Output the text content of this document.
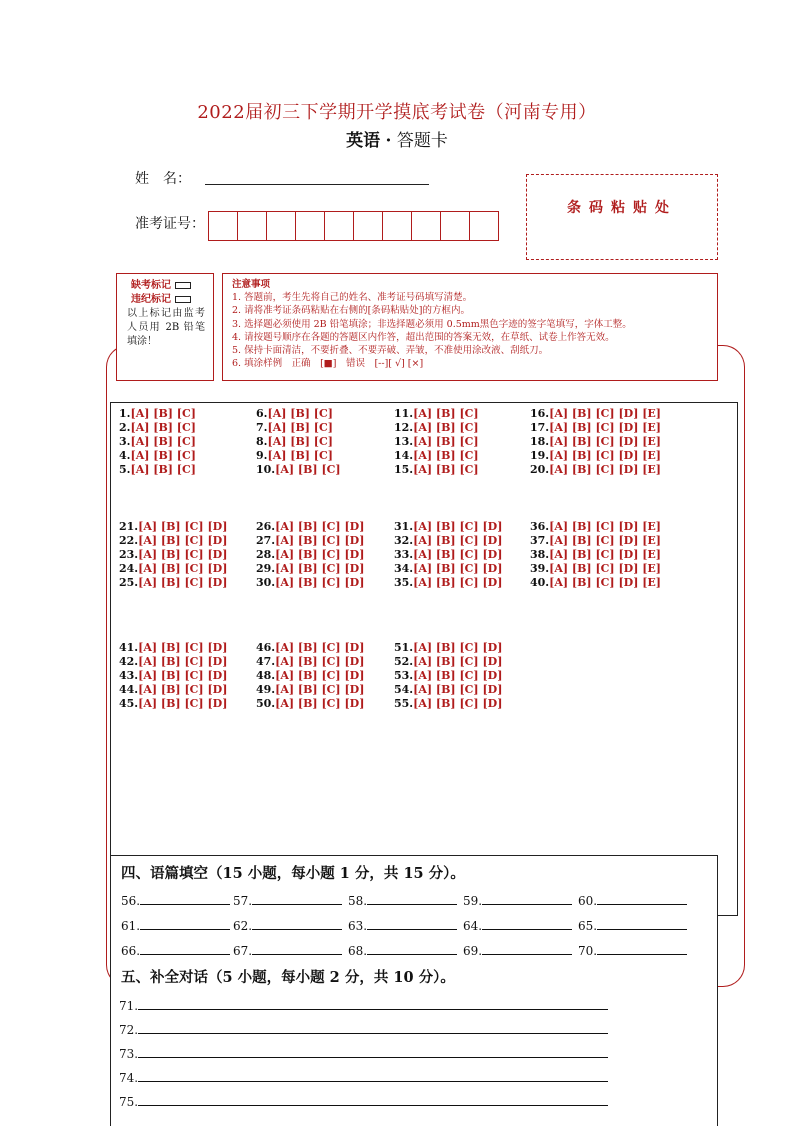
2022届初三下学期开学摸底考试卷（河南专用）
英语 · 答题卡
姓　名：
准考证号：
条码粘贴处
缺考标记
违纪标记
以上标记由监考人员用 2B 铅笔填涂！
注意事项
1. 答题前，考生先将自己的姓名、准考证号码填写清楚。
2. 请将准考证条码粘贴在右侧的[条码粘贴处]的方框内。
3. 选择题必须使用 2B 铅笔填涂；非选择题必须用 0.5mm黑色字迹的签字笔填写，字体工整。
4. 请按题号顺序在各题的答题区内作答，超出范围的答案无效，在草纸、试卷上作答无效。
5. 保持卡面清洁，不要折叠、不要弄破、弄皱，不准使用涂改液、刮纸刀。
6. 填涂样例　正确　[■]　错误　[--][ √] [×]
1.[A] [B] [C]
2.[A] [B] [C]
3.[A] [B] [C]
4.[A] [B] [C]
5.[A] [B] [C]
6.[A] [B] [C]
7.[A] [B] [C]
8.[A] [B] [C]
9.[A] [B] [C]
10.[A] [B] [C]
11.[A] [B] [C]
12.[A] [B] [C]
13.[A] [B] [C]
14.[A] [B] [C]
15.[A] [B] [C]
16.[A] [B] [C] [D] [E]
17.[A] [B] [C] [D] [E]
18.[A] [B] [C] [D] [E]
19.[A] [B] [C] [D] [E]
20.[A] [B] [C] [D] [E]
21.[A] [B] [C] [D]
22.[A] [B] [C] [D]
23.[A] [B] [C] [D]
24.[A] [B] [C] [D]
25.[A] [B] [C] [D]
26.[A] [B] [C] [D]
27.[A] [B] [C] [D]
28.[A] [B] [C] [D]
29.[A] [B] [C] [D]
30.[A] [B] [C] [D]
31.[A] [B] [C] [D]
32.[A] [B] [C] [D]
33.[A] [B] [C] [D]
34.[A] [B] [C] [D]
35.[A] [B] [C] [D]
36.[A] [B] [C] [D] [E]
37.[A] [B] [C] [D] [E]
38.[A] [B] [C] [D] [E]
39.[A] [B] [C] [D] [E]
40.[A] [B] [C] [D] [E]
41.[A] [B] [C] [D]
42.[A] [B] [C] [D]
43.[A] [B] [C] [D]
44.[A] [B] [C] [D]
45.[A] [B] [C] [D]
46.[A] [B] [C] [D]
47.[A] [B] [C] [D]
48.[A] [B] [C] [D]
49.[A] [B] [C] [D]
50.[A] [B] [C] [D]
51.[A] [B] [C] [D]
52.[A] [B] [C] [D]
53.[A] [B] [C] [D]
54.[A] [B] [C] [D]
55.[A] [B] [C] [D]
四、语篇填空（15 小题，每小题 1 分，共 15 分）。
56.	57.	58.	59.	60.
61.	62.	63.	64.	65.
66.	67.	68.	69.	70.
五、补全对话（5 小题，每小题 2 分，共 10 分）。
71.
72.
73.
74.
75.
